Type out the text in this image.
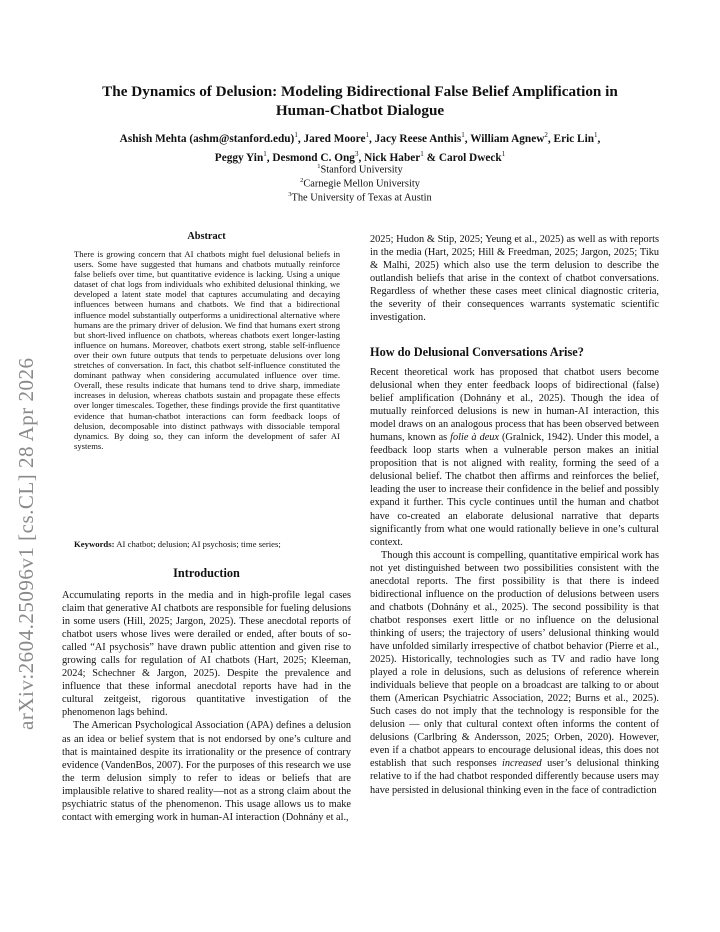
arXiv:2604.25096v1 [cs.CL] 28 Apr 2026
The Dynamics of Delusion: Modeling Bidirectional False Belief Amplification in
Human-Chatbot Dialogue
Ashish Mehta (ashm@stanford.edu)$^1$, Jared Moore$^1$, Jacy Reese Anthis$^1$, William Agnew$^2$, Eric Lin$^1$,
Peggy Yin$^1$, Desmond C. Ong$^3$, Nick Haber$^1$ & Carol Dweck$^1$
$^1$Stanford University
$^2$Carnegie Mellon University
$^3$The University of Texas at Austin
Abstract
There is growing concern that AI chatbots might fuel delusional beliefs in users. Some have suggested that humans and chatbots mutually reinforce false beliefs over time, but quantitative evidence is lacking. Using a unique dataset of chat logs from individuals who exhibited delusional thinking, we developed a latent state model that captures accumulating and decaying influences between humans and chatbots. We find that a bidirectional influence model substantially outperforms a unidirectional alternative where humans are the primary driver of delusion. We find that humans exert strong but short-lived influence on chatbots, whereas chatbots exert longer-lasting influence on humans. Moreover, chatbots exert strong, stable self-influence over their own future outputs that tends to perpetuate delusions over long stretches of conversation. In fact, this chatbot self-influence constituted the dominant pathway when considering accumulated influence over time. Overall, these results indicate that humans tend to drive sharp, immediate increases in delusion, whereas chatbots sustain and propagate these effects over longer timescales. Together, these findings provide the first quantitative evidence that human-chatbot interactions can form feedback loops of delusion, decomposable into distinct pathways with dissociable temporal dynamics. By doing so, they can inform the development of safer AI systems.
Keywords: AI chatbot; delusion; AI psychosis; time series;
Introduction

Accumulating reports in the media and in high-profile legal cases claim that generative AI chatbots are responsible for fueling delusions in some users (Hill, 2025; Jargon, 2025). These anecdotal reports of chatbot users whose lives were derailed or ended, after bouts of so-called “AI psychosis” have drawn public attention and given rise to growing calls for regulation of AI chatbots (Hart, 2025; Kleeman, 2024; Schechner & Jargon, 2025). Despite the prevalence and influence that these informal anecdotal reports have had in the cultural zeitgeist, rigorous quantitative investigation of the phenomenon lags behind.

The American Psychological Association (APA) defines a delusion as an idea or belief system that is not endorsed by one’s culture and that is maintained despite its irrationality or the presence of contrary evidence (VandenBos, 2007). For the purposes of this research we use the term delusion simply to refer to ideas or beliefs that are implausible relative to shared reality—not as a strong claim about the psychiatric status of the phenomenon. This usage allows us to make contact with emerging work in human-AI interaction (Dohnány et al.,

2025; Hudon & Stip, 2025; Yeung et al., 2025) as well as with reports in the media (Hart, 2025; Hill & Freedman, 2025; Jargon, 2025; Tiku & Malhi, 2025) which also use the term delusion to describe the outlandish beliefs that arise in the context of chatbot conversations. Regardless of whether these cases meet clinical diagnostic criteria, the severity of their consequences warrants systematic scientific investigation.

How do Delusional Conversations Arise?

Recent theoretical work has proposed that chatbot users become delusional when they enter feedback loops of bidirectional (false) belief amplification (Dohnány et al., 2025). Though the idea of mutually reinforced delusions is new in human-AI interaction, this model draws on an analogous process that has been observed between humans, known as folie à deux (Gralnick, 1942). Under this model, a feedback loop starts when a vulnerable person makes an initial proposition that is not aligned with reality, forming the seed of a delusional belief. The chatbot then affirms and reinforces the belief, leading the user to increase their confidence in the belief and possibly expand it further. This cycle continues until the human and chatbot have co-created an elaborate delusional narrative that departs significantly from what one would rationally believe in one’s cultural context.

Though this account is compelling, quantitative empirical work has not yet distinguished between two possibilities consistent with the anecdotal reports. The first possibility is that there is indeed bidirectional influence on the production of delusions between users and chatbots (Dohnány et al., 2025). The second possibility is that chatbot responses exert little or no influence on the delusional thinking of users; the trajectory of users’ delusional thinking would have unfolded similarly irrespective of chatbot behavior (Pierre et al., 2025). Historically, technologies such as TV and radio have long played a role in delusions, such as delusions of reference wherein individuals believe that people on a broadcast are talking to or about them (American Psychiatric Association, 2022; Burns et al., 2025). Such cases do not imply that the technology is responsible for the delusion — only that cultural context often informs the content of delusions (Carlbring & Andersson, 2025; Orben, 2020). However, even if a chatbot appears to encourage delusional ideas, this does not establish that such responses increased user’s delusional thinking relative to if the had chatbot responded differently because users may have persisted in delusional thinking even in the face of contradiction
